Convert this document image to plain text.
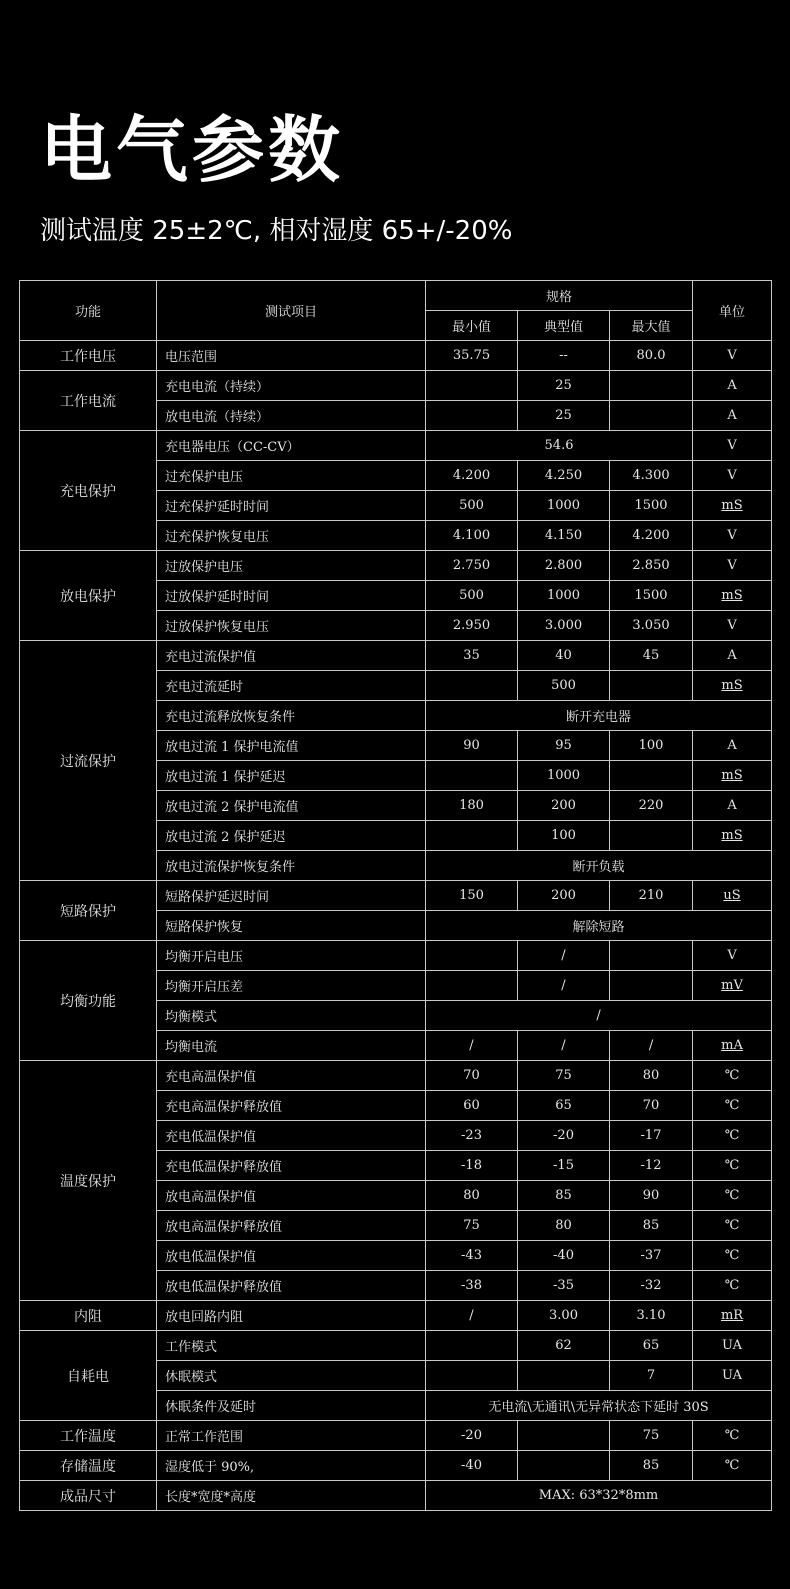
电气参数
测试温度 25±2℃, 相对湿度 65+/-20%
功能	测试项目	规格			单位
		最小值	典型值	最大值	
工作电压	电压范围	35.75	--	80.0	V
工作电流	充电电流（持续）		25		A
	放电电流（持续）		25		A
充电保护	充电器电压（CC-CV）	54.6			V
	过充保护电压	4.200	4.250	4.300	V
	过充保护延时时间	500	1000	1500	mS
	过充保护恢复电压	4.100	4.150	4.200	V
放电保护	过放保护电压	2.750	2.800	2.850	V
	过放保护延时时间	500	1000	1500	mS
	过放保护恢复电压	2.950	3.000	3.050	V
过流保护	充电过流保护值	35	40	45	A
	充电过流延时		500		mS
	充电过流释放恢复条件	断开充电器			
	放电过流 1 保护电流值	90	95	100	A
	放电过流 1 保护延迟		1000		mS
	放电过流 2 保护电流值	180	200	220	A
	放电过流 2 保护延迟		100		mS
	放电过流保护恢复条件	断开负载			
短路保护	短路保护延迟时间	150	200	210	uS
	短路保护恢复	解除短路			
均衡功能	均衡开启电压		/		V
	均衡开启压差		/		mV
	均衡模式	/			
	均衡电流	/	/	/	mA
温度保护	充电高温保护值	70	75	80	℃
	充电高温保护释放值	60	65	70	℃
	充电低温保护值	-23	-20	-17	℃
	充电低温保护释放值	-18	-15	-12	℃
	放电高温保护值	80	85	90	℃
	放电高温保护释放值	75	80	85	℃
	放电低温保护值	-43	-40	-37	℃
	放电低温保护释放值	-38	-35	-32	℃
内阻	放电回路内阻	/	3.00	3.10	mR
自耗电	工作模式		62	65	UA
	休眠模式			7	UA
	休眠条件及延时	无电流\无通讯\无异常状态下延时 30S			
工作温度	正常工作范围	-20		75	℃
存储温度	湿度低于 90%,	-40		85	℃
成品尺寸	长度*宽度*高度	MAX: 63*32*8mm			
